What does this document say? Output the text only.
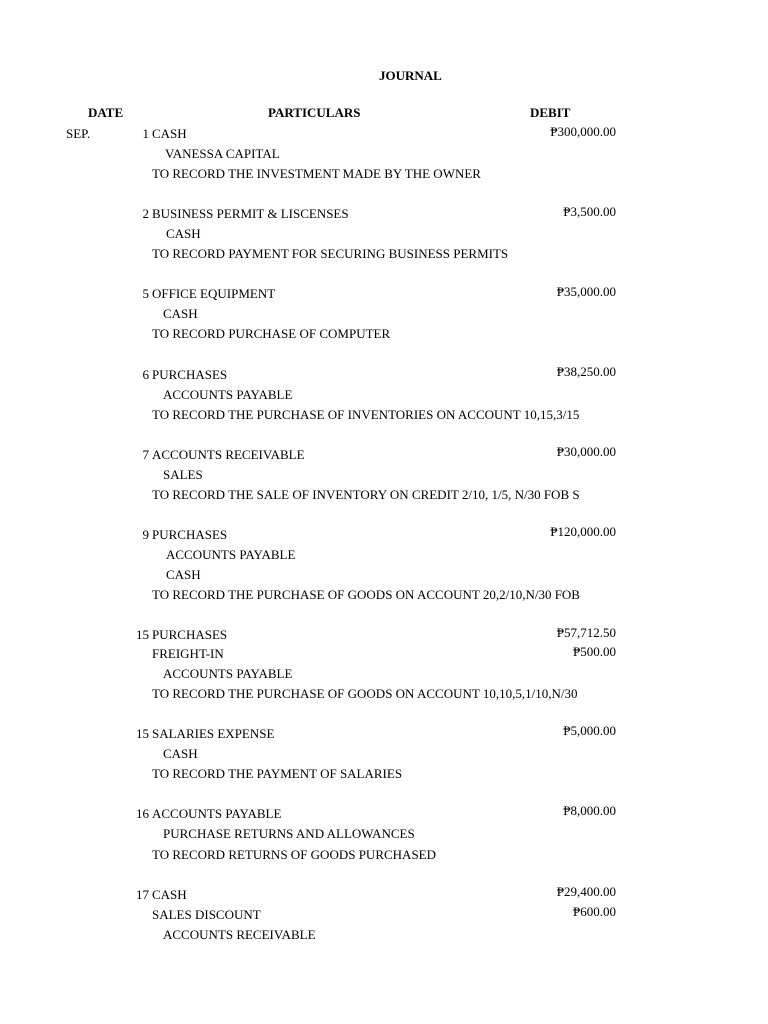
JOURNAL
DATE	PARTICULARS	DEBIT
SEP.	1 CASH	₱300,000.00
VANESSA CAPITAL
TO RECORD THE INVESTMENT MADE BY THE OWNER
2 BUSINESS PERMIT & LISCENSES	₱3,500.00
CASH
TO RECORD PAYMENT FOR SECURING BUSINESS PERMITS
5 OFFICE EQUIPMENT	₱35,000.00
CASH
TO RECORD PURCHASE OF COMPUTER
6 PURCHASES	₱38,250.00
ACCOUNTS PAYABLE
TO RECORD THE PURCHASE OF INVENTORIES ON ACCOUNT 10,15,3/15
7 ACCOUNTS RECEIVABLE	₱30,000.00
SALES
TO RECORD THE SALE OF INVENTORY ON CREDIT 2/10, 1/5, N/30 FOB S
9 PURCHASES	₱120,000.00
ACCOUNTS PAYABLE
CASH
TO RECORD THE PURCHASE OF GOODS ON ACCOUNT 20,2/10,N/30 FOB
15 PURCHASES	₱57,712.50
FREIGHT-IN	₱500.00
ACCOUNTS PAYABLE
TO RECORD THE PURCHASE OF GOODS ON ACCOUNT 10,10,5,1/10,N/30
15 SALARIES EXPENSE	₱5,000.00
CASH
TO RECORD THE PAYMENT OF SALARIES
16 ACCOUNTS PAYABLE	₱8,000.00
PURCHASE RETURNS AND ALLOWANCES
TO RECORD RETURNS OF GOODS PURCHASED
17 CASH	₱29,400.00
SALES DISCOUNT	₱600.00
ACCOUNTS RECEIVABLE
